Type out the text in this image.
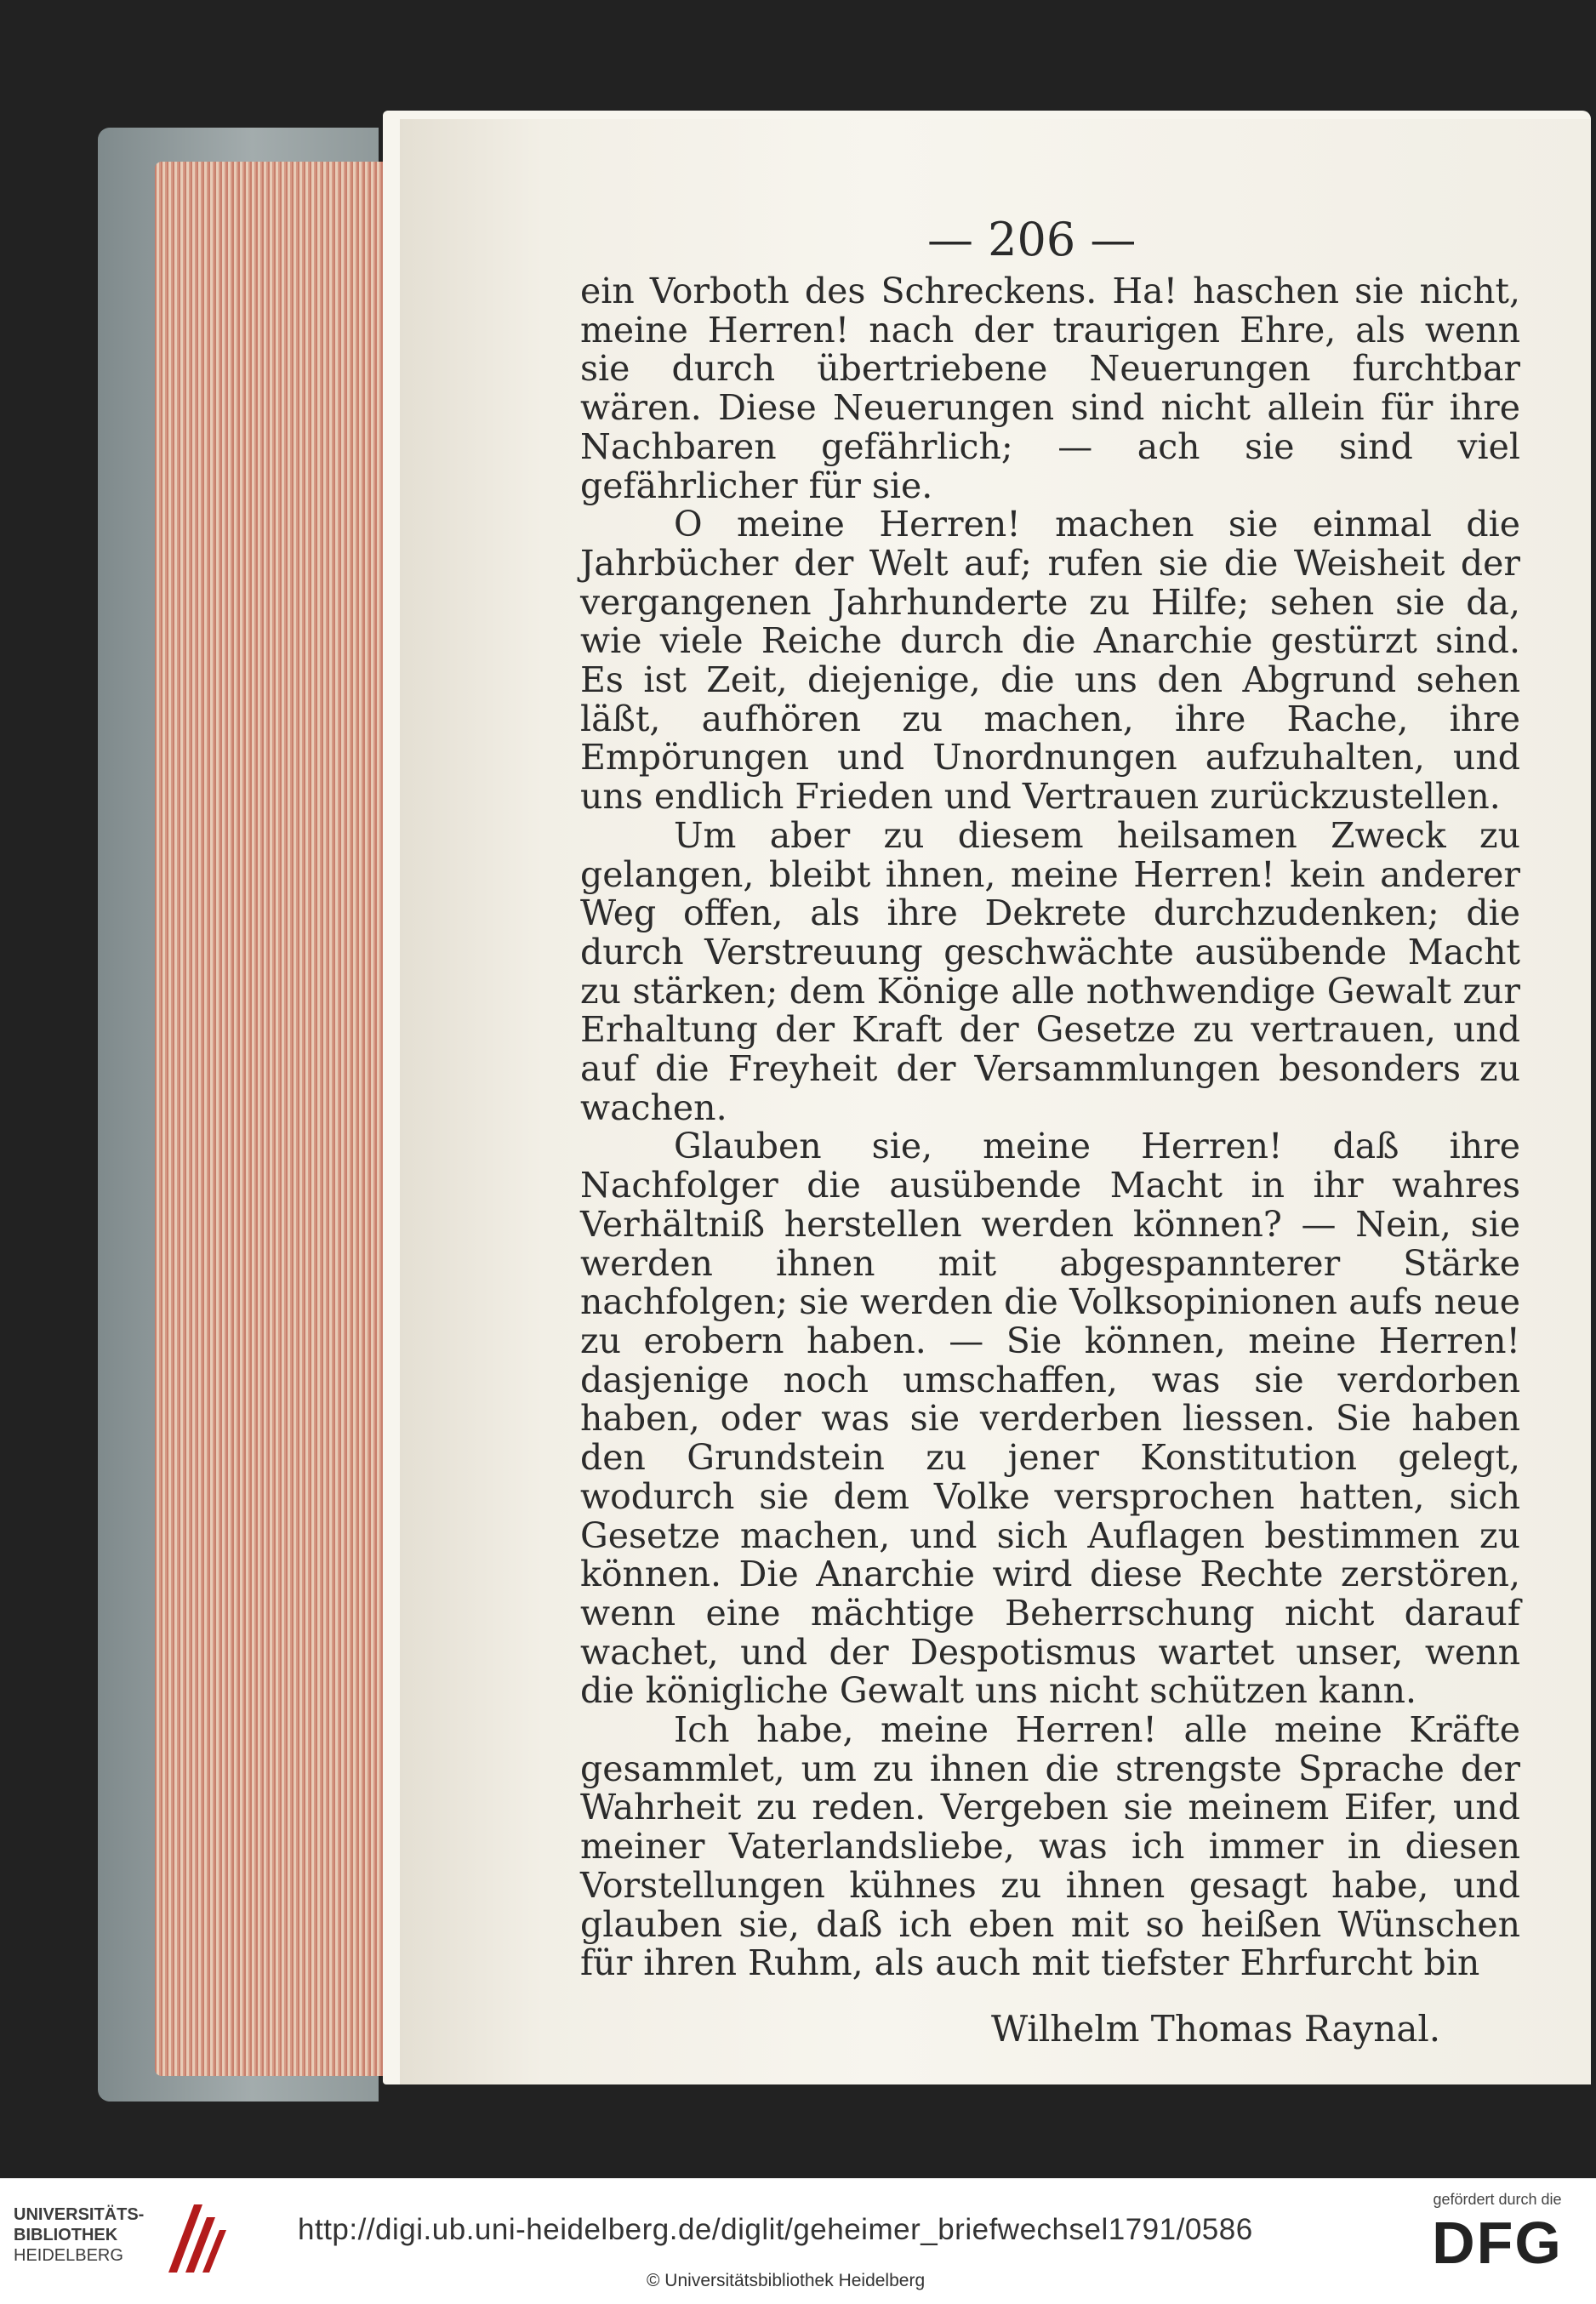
— 206 —

ein Vorboth des Schreckens. Ha! haschen sie nicht, meine Herren! nach der traurigen Ehre, als wenn sie durch übertriebene Neuerungen furchtbar wären. Diese Neuerungen sind nicht allein für ihre Nachbaren gefährlich; — ach sie sind viel gefährlicher für sie.

O meine Herren! machen sie einmal die Jahrbücher der Welt auf; rufen sie die Weisheit der vergangenen Jahrhunderte zu Hilfe; sehen sie da, wie viele Reiche durch die Anarchie gestürzt sind. Es ist Zeit, diejenige, die uns den Abgrund sehen läßt, aufhören zu machen, ihre Rache, ihre Empörungen und Unordnungen aufzuhalten, und uns endlich Frieden und Vertrauen zurückzustellen.

Um aber zu diesem heilsamen Zweck zu gelangen, bleibt ihnen, meine Herren! kein anderer Weg offen, als ihre Dekrete durchzudenken; die durch Verstreuung geschwächte ausübende Macht zu stärken; dem Könige alle nothwendige Gewalt zur Erhaltung der Kraft der Gesetze zu vertrauen, und auf die Freyheit der Versammlungen besonders zu wachen.

Glauben sie, meine Herren! daß ihre Nachfolger die ausübende Macht in ihr wahres Verhältniß herstellen werden können? — Nein, sie werden ihnen mit abgespannterer Stärke nachfolgen; sie werden die Volksopinionen aufs neue zu erobern haben. — Sie können, meine Herren! dasjenige noch umschaffen, was sie verdorben haben, oder was sie verderben liessen. Sie haben den Grundstein zu jener Konstitution gelegt, wodurch sie dem Volke versprochen hatten, sich Gesetze machen, und sich Auflagen bestimmen zu können. Die Anarchie wird diese Rechte zerstören, wenn eine mächtige Beherrschung nicht darauf wachet, und der Despotismus wartet unser, wenn die königliche Gewalt uns nicht schützen kann.

Ich habe, meine Herren! alle meine Kräfte gesammlet, um zu ihnen die strengste Sprache der Wahrheit zu reden. Vergeben sie meinem Eifer, und meiner Vaterlandsliebe, was ich immer in diesen Vorstellungen kühnes zu ihnen gesagt habe, und glauben sie, daß ich eben mit so heißen Wünschen für ihren Ruhm, als auch mit tiefster Ehrfurcht bin

Wilhelm Thomas Raynal.
UNIVERSITÄTS-
BIBLIOTHEK
HEIDELBERG
http://digi.ub.uni-heidelberg.de/diglit/geheimer_briefwechsel1791/0586
© Universitätsbibliothek Heidelberg
gefördert durch die
DFG
